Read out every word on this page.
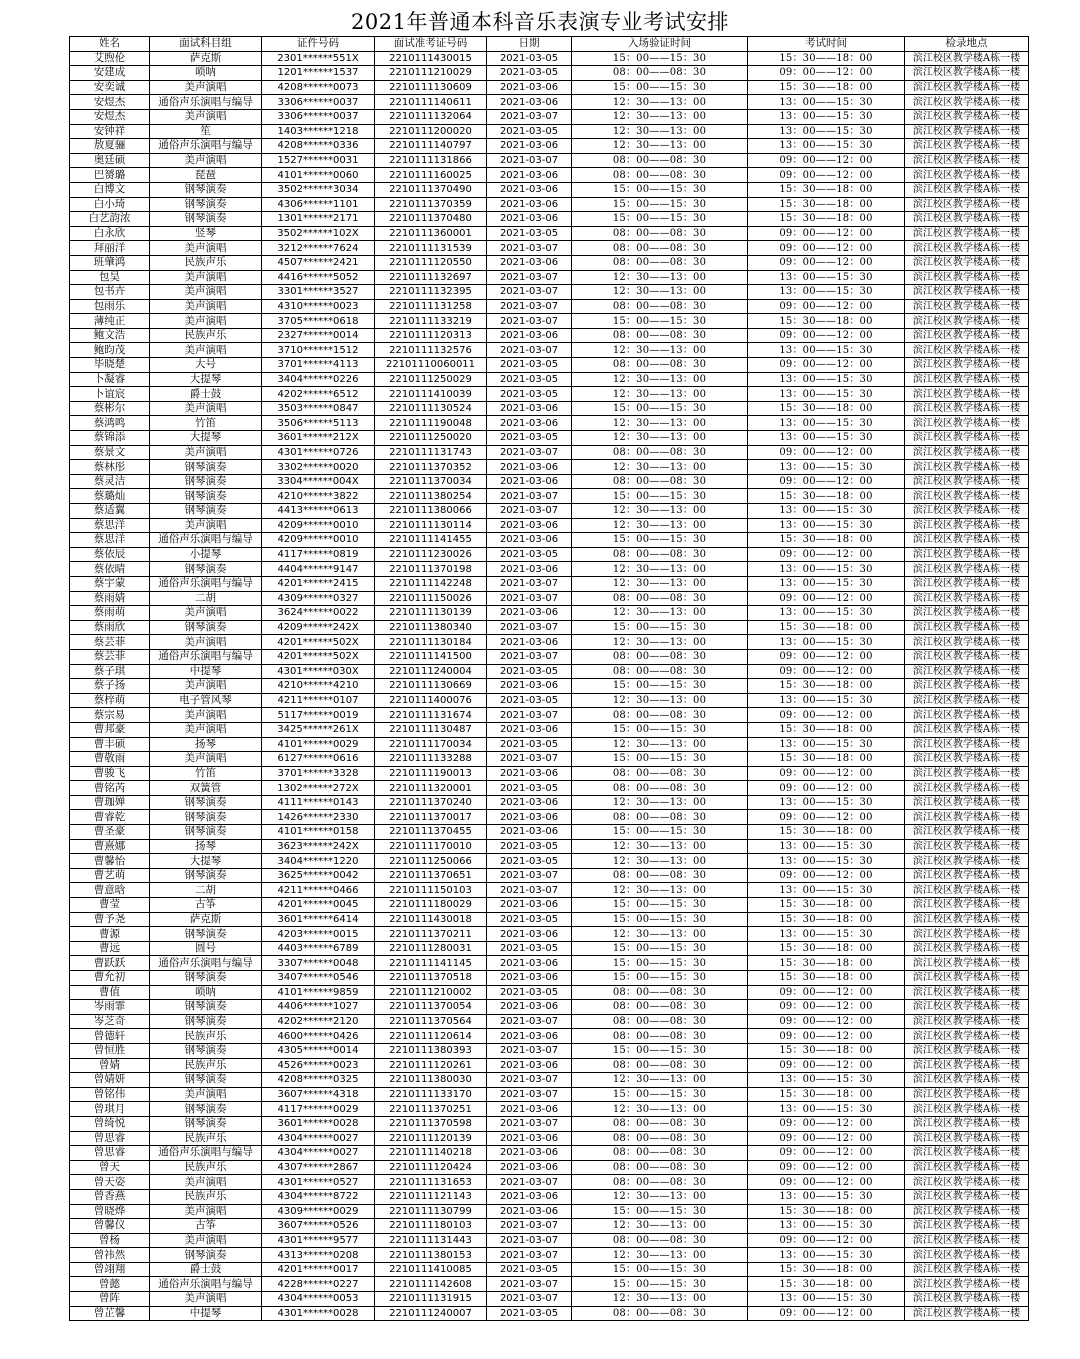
2021年普通本科音乐表演专业考试安排
姓名	面试科目组	证件号码	面试准考证号码	日期	入场验证时间	考试时间	检录地点
艾煦伦	萨克斯	2301******551X	2210111430015	2021-03-05	15：00——15：30	15：30——18：00	滨江校区教学楼A栋一楼
安建成	唢呐	1201******1537	2210111210029	2021-03-05	08：00——08：30	09：00——12：00	滨江校区教学楼A栋一楼
安奕诚	美声演唱	4208******0073	2210111130609	2021-03-06	15：00——15：30	15：30——18：00	滨江校区教学楼A栋一楼
安煜杰	通俗声乐演唱与编导	3306******0037	2210111140611	2021-03-06	12：30——13：00	13：00——15：30	滨江校区教学楼A栋一楼
安煜杰	美声演唱	3306******0037	2210111132064	2021-03-07	12：30——13：00	13：00——15：30	滨江校区教学楼A栋一楼
安钟祥	笙	1403******1218	2210111200020	2021-03-05	12：30——13：00	13：00——15：30	滨江校区教学楼A栋一楼
敖夏骊	通俗声乐演唱与编导	4208******0336	2210111140797	2021-03-06	12：30——13：00	13：00——15：30	滨江校区教学楼A栋一楼
奥廷硕	美声演唱	1527******0031	2210111131866	2021-03-07	08：00——08：30	09：00——12：00	滨江校区教学楼A栋一楼
巴赟璐	琵琶	4101******0060	2210111160025	2021-03-06	08：00——08：30	09：00——12：00	滨江校区教学楼A栋一楼
白博文	钢琴演奏	3502******3034	2210111370490	2021-03-06	15：00——15：30	15：30——18：00	滨江校区教学楼A栋一楼
白小琦	钢琴演奏	4306******1101	2210111370359	2021-03-06	15：00——15：30	15：30——18：00	滨江校区教学楼A栋一楼
白艺韵浓	钢琴演奏	1301******2171	2210111370480	2021-03-06	15：00——15：30	15：30——18：00	滨江校区教学楼A栋一楼
白永欣	竖琴	3502******102X	2210111360001	2021-03-05	08：00——08：30	09：00——12：00	滨江校区教学楼A栋一楼
拜丽洋	美声演唱	3212******7624	2210111131539	2021-03-07	08：00——08：30	09：00——12：00	滨江校区教学楼A栋一楼
班肇鸿	民族声乐	4507******2421	2210111120550	2021-03-06	08：00——08：30	09：00——12：00	滨江校区教学楼A栋一楼
包昊	美声演唱	4416******5052	2210111132697	2021-03-07	12：30——13：00	13：00——15：30	滨江校区教学楼A栋一楼
包书卉	美声演唱	3301******3527	2210111132395	2021-03-07	12：30——13：00	13：00——15：30	滨江校区教学楼A栋一楼
包雨乐	美声演唱	4310******0023	2210111131258	2021-03-07	08：00——08：30	09：00——12：00	滨江校区教学楼A栋一楼
薄纯正	美声演唱	3705******0618	2210111133219	2021-03-07	15：00——15：30	15：30——18：00	滨江校区教学楼A栋一楼
鲍文浩	民族声乐	2327******0014	2210111120313	2021-03-06	08：00——08：30	09：00——12：00	滨江校区教学楼A栋一楼
鲍昀茂	美声演唱	3710******1512	2210111132576	2021-03-07	12：30——13：00	13：00——15：30	滨江校区教学楼A栋一楼
毕晓楚	大号	3701******4113	22101110060011	2021-03-05	08：00——08：30	09：00——12：00	滨江校区教学楼A栋一楼
卜凝睿	大提琴	3404******0226	2210111250029	2021-03-05	12：30——13：00	13：00——15：30	滨江校区教学楼A栋一楼
卜谊宸	爵士鼓	4202******6512	2210111410039	2021-03-05	12：30——13：00	13：00——15：30	滨江校区教学楼A栋一楼
蔡彬尔	美声演唱	3503******0847	2210111130524	2021-03-06	15：00——15：30	15：30——18：00	滨江校区教学楼A栋一楼
蔡鸿鸣	竹笛	3506******5113	2210111190048	2021-03-06	12：30——13：00	13：00——15：30	滨江校区教学楼A栋一楼
蔡锦添	大提琴	3601******212X	2210111250020	2021-03-05	12：30——13：00	13：00——15：30	滨江校区教学楼A栋一楼
蔡景文	美声演唱	4301******0726	2210111131743	2021-03-07	08：00——08：30	09：00——12：00	滨江校区教学楼A栋一楼
蔡林彤	钢琴演奏	3302******0020	2210111370352	2021-03-06	12：30——13：00	13：00——15：30	滨江校区教学楼A栋一楼
蔡灵洁	钢琴演奏	3304******004X	2210111370034	2021-03-06	08：00——08：30	09：00——12：00	滨江校区教学楼A栋一楼
蔡璐灿	钢琴演奏	4210******3822	2210111380254	2021-03-07	15：00——15：30	15：30——18：00	滨江校区教学楼A栋一楼
蔡适翼	钢琴演奏	4413******0613	2210111380066	2021-03-07	12：30——13：00	13：00——15：30	滨江校区教学楼A栋一楼
蔡思洋	美声演唱	4209******0010	2210111130114	2021-03-06	12：30——13：00	13：00——15：30	滨江校区教学楼A栋一楼
蔡思洋	通俗声乐演唱与编导	4209******0010	2210111141455	2021-03-06	15：00——15：30	15：30——18：00	滨江校区教学楼A栋一楼
蔡依辰	小提琴	4117******0819	2210111230026	2021-03-05	08：00——08：30	09：00——12：00	滨江校区教学楼A栋一楼
蔡依晴	钢琴演奏	4404******9147	2210111370198	2021-03-06	12：30——13：00	13：00——15：30	滨江校区教学楼A栋一楼
蔡宇蒙	通俗声乐演唱与编导	4201******2415	2210111142248	2021-03-07	12：30——13：00	13：00——15：30	滨江校区教学楼A栋一楼
蔡雨婧	二胡	4309******0327	2210111150026	2021-03-07	08：00——08：30	09：00——12：00	滨江校区教学楼A栋一楼
蔡雨萌	美声演唱	3624******0022	2210111130139	2021-03-06	12：30——13：00	13：00——15：30	滨江校区教学楼A栋一楼
蔡雨欣	钢琴演奏	4209******242X	2210111380340	2021-03-07	15：00——15：30	15：30——18：00	滨江校区教学楼A栋一楼
蔡芸菲	美声演唱	4201******502X	2210111130184	2021-03-06	12：30——13：00	13：00——15：30	滨江校区教学楼A栋一楼
蔡芸菲	通俗声乐演唱与编导	4201******502X	2210111141500	2021-03-07	08：00——08：30	09：00——12：00	滨江校区教学楼A栋一楼
蔡子琪	中提琴	4301******030X	2210111240004	2021-03-05	08：00——08：30	09：00——12：00	滨江校区教学楼A栋一楼
蔡子扬	美声演唱	4210******4210	2210111130669	2021-03-06	15：00——15：30	15：30——18：00	滨江校区教学楼A栋一楼
蔡梓萌	电子管风琴	4211******0107	2210111400076	2021-03-05	12：30——13：00	13：00——15：30	滨江校区教学楼A栋一楼
蔡宗易	美声演唱	5117******0019	2210111131674	2021-03-07	08：00——08：30	09：00——12：00	滨江校区教学楼A栋一楼
曹邦豪	美声演唱	3425******261X	2210111130487	2021-03-06	15：00——15：30	15：30——18：00	滨江校区教学楼A栋一楼
曹丰硕	扬琴	4101******0029	2210111170034	2021-03-05	12：30——13：00	13：00——15：30	滨江校区教学楼A栋一楼
曹敬雨	美声演唱	6127******0616	2210111133288	2021-03-07	15：00——15：30	15：30——18：00	滨江校区教学楼A栋一楼
曹骏飞	竹笛	3701******3328	2210111190013	2021-03-06	08：00——08：30	09：00——12：00	滨江校区教学楼A栋一楼
曹铭芮	双簧管	1302******272X	2210111320001	2021-03-05	08：00——08：30	09：00——12：00	滨江校区教学楼A栋一楼
曹珈婵	钢琴演奏	4111******0143	2210111370240	2021-03-06	12：30——13：00	13：00——15：30	滨江校区教学楼A栋一楼
曹睿乾	钢琴演奏	1426******2330	2210111370017	2021-03-06	08：00——08：30	09：00——12：00	滨江校区教学楼A栋一楼
曹圣豪	钢琴演奏	4101******0158	2210111370455	2021-03-06	15：00——15：30	15：30——18：00	滨江校区教学楼A栋一楼
曹熹娜	扬琴	3623******242X	2210111170010	2021-03-05	12：30——13：00	13：00——15：30	滨江校区教学楼A栋一楼
曹馨怡	大提琴	3404******1220	2210111250066	2021-03-05	12：30——13：00	13：00——15：30	滨江校区教学楼A栋一楼
曹艺萌	钢琴演奏	3625******0042	2210111370651	2021-03-07	08：00——08：30	09：00——12：00	滨江校区教学楼A栋一楼
曹意晗	二胡	4211******0466	2210111150103	2021-03-07	12：30——13：00	13：00——15：30	滨江校区教学楼A栋一楼
曹莹	古筝	4201******0045	2210111180029	2021-03-06	15：00——15：30	15：30——18：00	滨江校区教学楼A栋一楼
曹予尧	萨克斯	3601******6414	2210111430018	2021-03-05	15：00——15：30	15：30——18：00	滨江校区教学楼A栋一楼
曹源	钢琴演奏	4203******0015	2210111370211	2021-03-06	12：30——13：00	13：00——15：30	滨江校区教学楼A栋一楼
曹远	圆号	4403******6789	2210111280031	2021-03-05	15：00——15：30	15：30——18：00	滨江校区教学楼A栋一楼
曹跃跃	通俗声乐演唱与编导	3307******0048	2210111141145	2021-03-06	15：00——15：30	15：30——18：00	滨江校区教学楼A栋一楼
曹允初	钢琴演奏	3407******0546	2210111370518	2021-03-06	15：00——15：30	15：30——18：00	滨江校区教学楼A栋一楼
曹值	唢呐	4101******9859	2210111210002	2021-03-05	08：00——08：30	09：00——12：00	滨江校区教学楼A栋一楼
岑雨霏	钢琴演奏	4406******1027	2210111370054	2021-03-06	08：00——08：30	09：00——12：00	滨江校区教学楼A栋一楼
岑芝奇	钢琴演奏	4202******2120	2210111370564	2021-03-07	08：00——08：30	09：00——12：00	滨江校区教学楼A栋一楼
曾德轩	民族声乐	4600******0426	2210111120614	2021-03-06	08：00——08：30	09：00——12：00	滨江校区教学楼A栋一楼
曾恒胜	钢琴演奏	4305******0014	2210111380393	2021-03-07	15：00——15：30	15：30——18：00	滨江校区教学楼A栋一楼
曾婧	民族声乐	4526******0023	2210111120261	2021-03-06	08：00——08：30	09：00——12：00	滨江校区教学楼A栋一楼
曾婧妍	钢琴演奏	4208******0325	2210111380030	2021-03-07	12：30——13：00	13：00——15：30	滨江校区教学楼A栋一楼
曾铭伟	美声演唱	3607******4318	2210111133170	2021-03-07	15：00——15：30	15：30——18：00	滨江校区教学楼A栋一楼
曾琪月	钢琴演奏	4117******0029	2210111370251	2021-03-06	12：30——13：00	13：00——15：30	滨江校区教学楼A栋一楼
曾绮悦	钢琴演奏	3601******0028	2210111370598	2021-03-07	08：00——08：30	09：00——12：00	滨江校区教学楼A栋一楼
曾思睿	民族声乐	4304******0027	2210111120139	2021-03-06	08：00——08：30	09：00——12：00	滨江校区教学楼A栋一楼
曾思睿	通俗声乐演唱与编导	4304******0027	2210111140218	2021-03-06	08：00——08：30	09：00——12：00	滨江校区教学楼A栋一楼
曾天	民族声乐	4307******2867	2210111120424	2021-03-06	08：00——08：30	09：00——12：00	滨江校区教学楼A栋一楼
曾天姿	美声演唱	4301******0527	2210111131653	2021-03-07	08：00——08：30	09：00——12：00	滨江校区教学楼A栋一楼
曾香燕	民族声乐	4304******8722	2210111121143	2021-03-06	12：30——13：00	13：00——15：30	滨江校区教学楼A栋一楼
曾晓烨	美声演唱	4309******0029	2210111130799	2021-03-06	15：00——15：30	15：30——18：00	滨江校区教学楼A栋一楼
曾馨仪	古筝	3607******0526	2210111180103	2021-03-07	12：30——13：00	13：00——15：30	滨江校区教学楼A栋一楼
曾杨	美声演唱	4301******9577	2210111131443	2021-03-07	08：00——08：30	09：00——12：00	滨江校区教学楼A栋一楼
曾祎然	钢琴演奏	4313******0208	2210111380153	2021-03-07	12：30——13：00	13：00——15：30	滨江校区教学楼A栋一楼
曾翊翔	爵士鼓	4201******0017	2210111410085	2021-03-05	15：00——15：30	15：30——18：00	滨江校区教学楼A栋一楼
曾懿	通俗声乐演唱与编导	4228******0227	2210111142608	2021-03-07	15：00——15：30	15：30——18：00	滨江校区教学楼A栋一楼
曾阵	美声演唱	4304******0053	2210111131915	2021-03-07	12：30——13：00	13：00——15：30	滨江校区教学楼A栋一楼
曾芷馨	中提琴	4301******0028	2210111240007	2021-03-05	08：00——08：30	09：00——12：00	滨江校区教学楼A栋一楼
